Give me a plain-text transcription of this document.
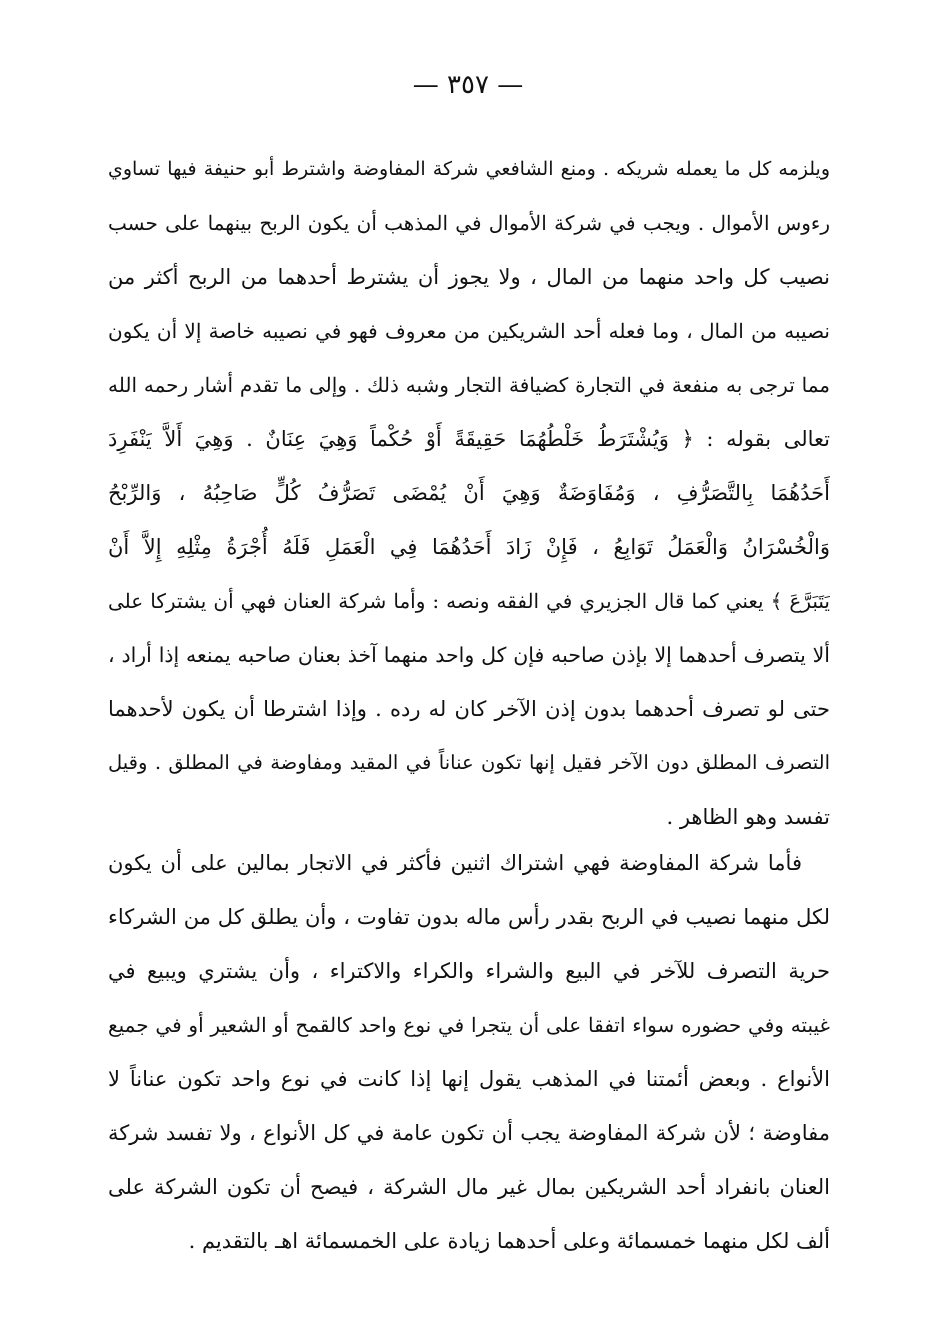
— ٣٥٧ —
ويلزمه كل ما يعمله شريكه . ومنع الشافعي شركة المفاوضة واشترط أبو حنيفة فيها تساوي
رءوس الأموال . ويجب في شركة الأموال في المذهب أن يكون الربح بينهما على حسب
نصيب كل واحد منهما من المال ، ولا يجوز أن يشترط أحدهما من الربح أكثر من
نصيبه من المال ، وما فعله أحد الشريكين من معروف فهو في نصيبه خاصة إلا أن يكون
مما ترجى به منفعة في التجارة كضيافة التجار وشبه ذلك . وإلى ما تقدم أشار رحمه الله
تعالى بقوله : ﴿ وَيُشْتَرَطُ خَلْطُهُمَا حَقِيقَةً أَوْ حُكْماً وَهِيَ عِنَانٌ . وَهِيَ أَلاَّ يَنْفَرِدَ
أَحَدُهُمَا بِالتَّصَرُّفِ ، وَمُفَاوَضَةٌ وَهِيَ أَنْ يُمْضَى تَصَرُّفُ كُلٍّ صَاحِبُهُ ، وَالرِّبْحُ
وَالْخُسْرَانُ وَالْعَمَلُ تَوَابِعُ ، فَإِنْ زَادَ أَحَدُهُمَا فِي الْعَمَلِ فَلَهُ أُجْرَةُ مِثْلِهِ إِلاَّ أَنْ
يَتَبَرَّعَ ﴾ يعني كما قال الجزيري في الفقه ونصه : وأما شركة العنان فهي أن يشتركا على
ألا يتصرف أحدهما إلا بإذن صاحبه فإن كل واحد منهما آخذ بعنان صاحبه يمنعه إذا أراد ،
حتى لو تصرف أحدهما بدون إذن الآخر كان له رده . وإذا اشترطا أن يكون لأحدهما
التصرف المطلق دون الآخر فقيل إنها تكون عناناً في المقيد ومفاوضة في المطلق . وقيل
تفسد وهو الظاهر .
فأما شركة المفاوضة فهي اشتراك اثنين فأكثر في الاتجار بمالين على أن يكون
لكل منهما نصيب في الربح بقدر رأس ماله بدون تفاوت ، وأن يطلق كل من الشركاء
حرية التصرف للآخر في البيع والشراء والكراء والاكتراء ، وأن يشتري ويبيع في
غيبته وفي حضوره سواء اتفقا على أن يتجرا في نوع واحد كالقمح أو الشعير أو في جميع
الأنواع . وبعض أئمتنا في المذهب يقول إنها إذا كانت في نوع واحد تكون عناناً لا
مفاوضة ؛ لأن شركة المفاوضة يجب أن تكون عامة في كل الأنواع ، ولا تفسد شركة
العنان بانفراد أحد الشريكين بمال غير مال الشركة ، فيصح أن تكون الشركة على
ألف لكل منهما خمسمائة وعلى أحدهما زيادة على الخمسمائة اهـ بالتقديم .
